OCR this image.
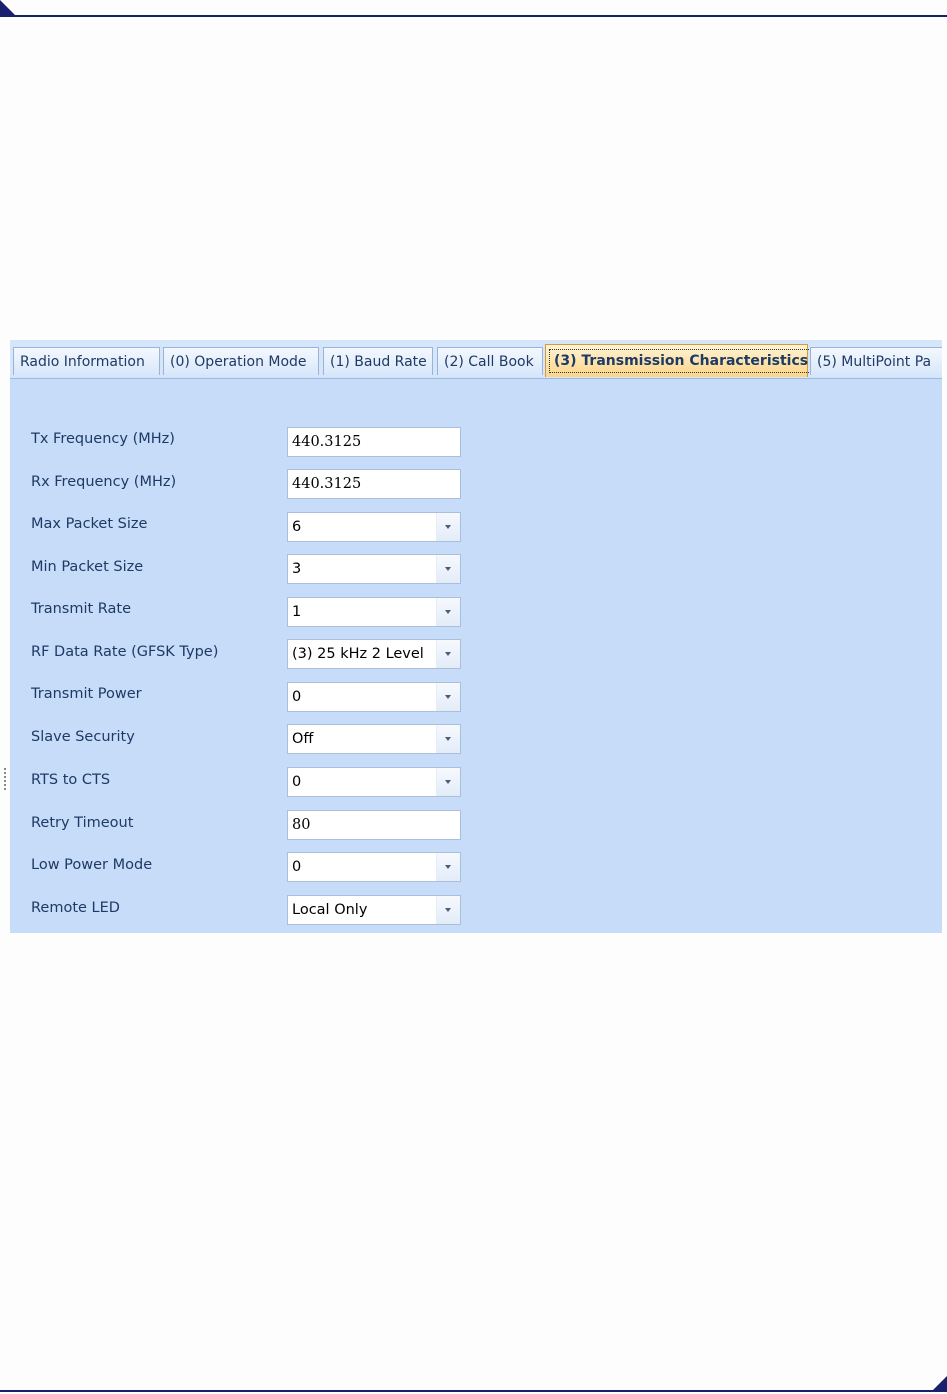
Radio Information	(0) Operation Mode	(1) Baud Rate	(2) Call Book	(3) Transmission Characteristics (5) MultiPoint Pa
Tx Frequency (MHz)	440.3125
Rx Frequency (MHz)	440.3125
Max Packet Size	6
Min Packet Size	3
Transmit Rate	1
RF Data Rate (GFSK Type)	(3) 25 kHz 2 Level
Transmit Power	0
Slave Security	Off
RTS to CTS	0
Retry Timeout	80
Low Power Mode	0
Remote LED	Local Only
